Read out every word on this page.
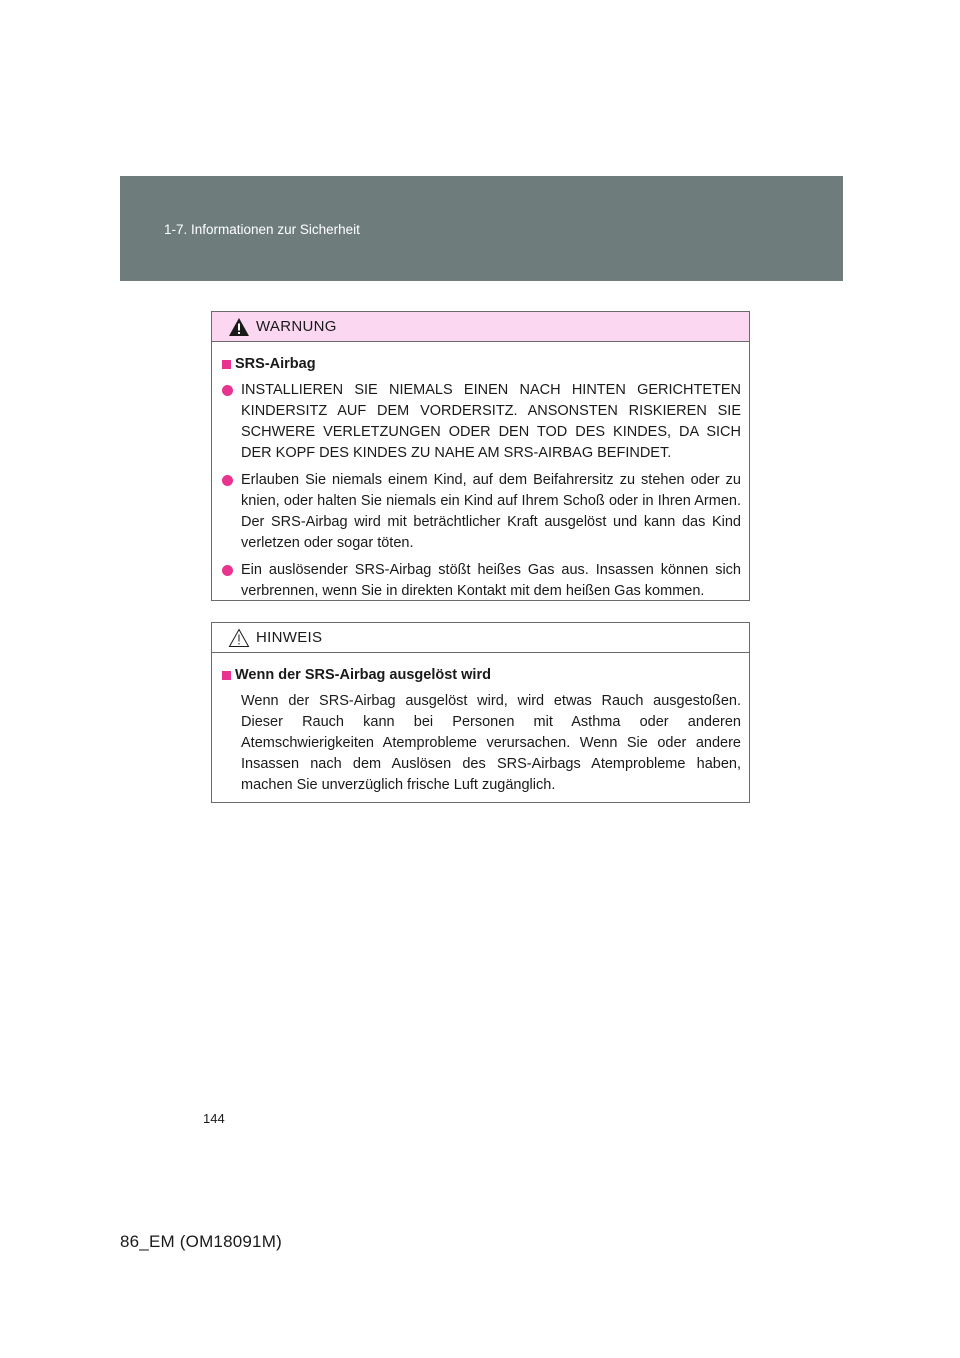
1-7. Informationen zur Sicherheit
WARNUNG
SRS-Airbag
INSTALLIEREN SIE NIEMALS EINEN NACH HINTEN GERICHTETEN KINDERSITZ AUF DEM VORDERSITZ. ANSONSTEN RISKIEREN SIE SCHWERE VERLETZUNGEN ODER DEN TOD DES KINDES, DA SICH DER KOPF DES KINDES ZU NAHE AM SRS-AIRBAG BEFINDET.
Erlauben Sie niemals einem Kind, auf dem Beifahrersitz zu stehen oder zu knien, oder halten Sie niemals ein Kind auf Ihrem Schoß oder in Ihren Armen. Der SRS-Airbag wird mit beträchtlicher Kraft ausgelöst und kann das Kind verletzen oder sogar töten.
Ein auslösender SRS-Airbag stößt heißes Gas aus. Insassen können sich verbrennen, wenn Sie in direkten Kontakt mit dem heißen Gas kommen.
HINWEIS
Wenn der SRS-Airbag ausgelöst wird
Wenn der SRS-Airbag ausgelöst wird, wird etwas Rauch ausgestoßen. Dieser Rauch kann bei Personen mit Asthma oder anderen Atemschwierigkeiten Atemprobleme verursachen. Wenn Sie oder andere Insassen nach dem Auslösen des SRS-Airbags Atemprobleme haben, machen Sie unverzüglich frische Luft zugänglich.
144
86_EM (OM18091M)
